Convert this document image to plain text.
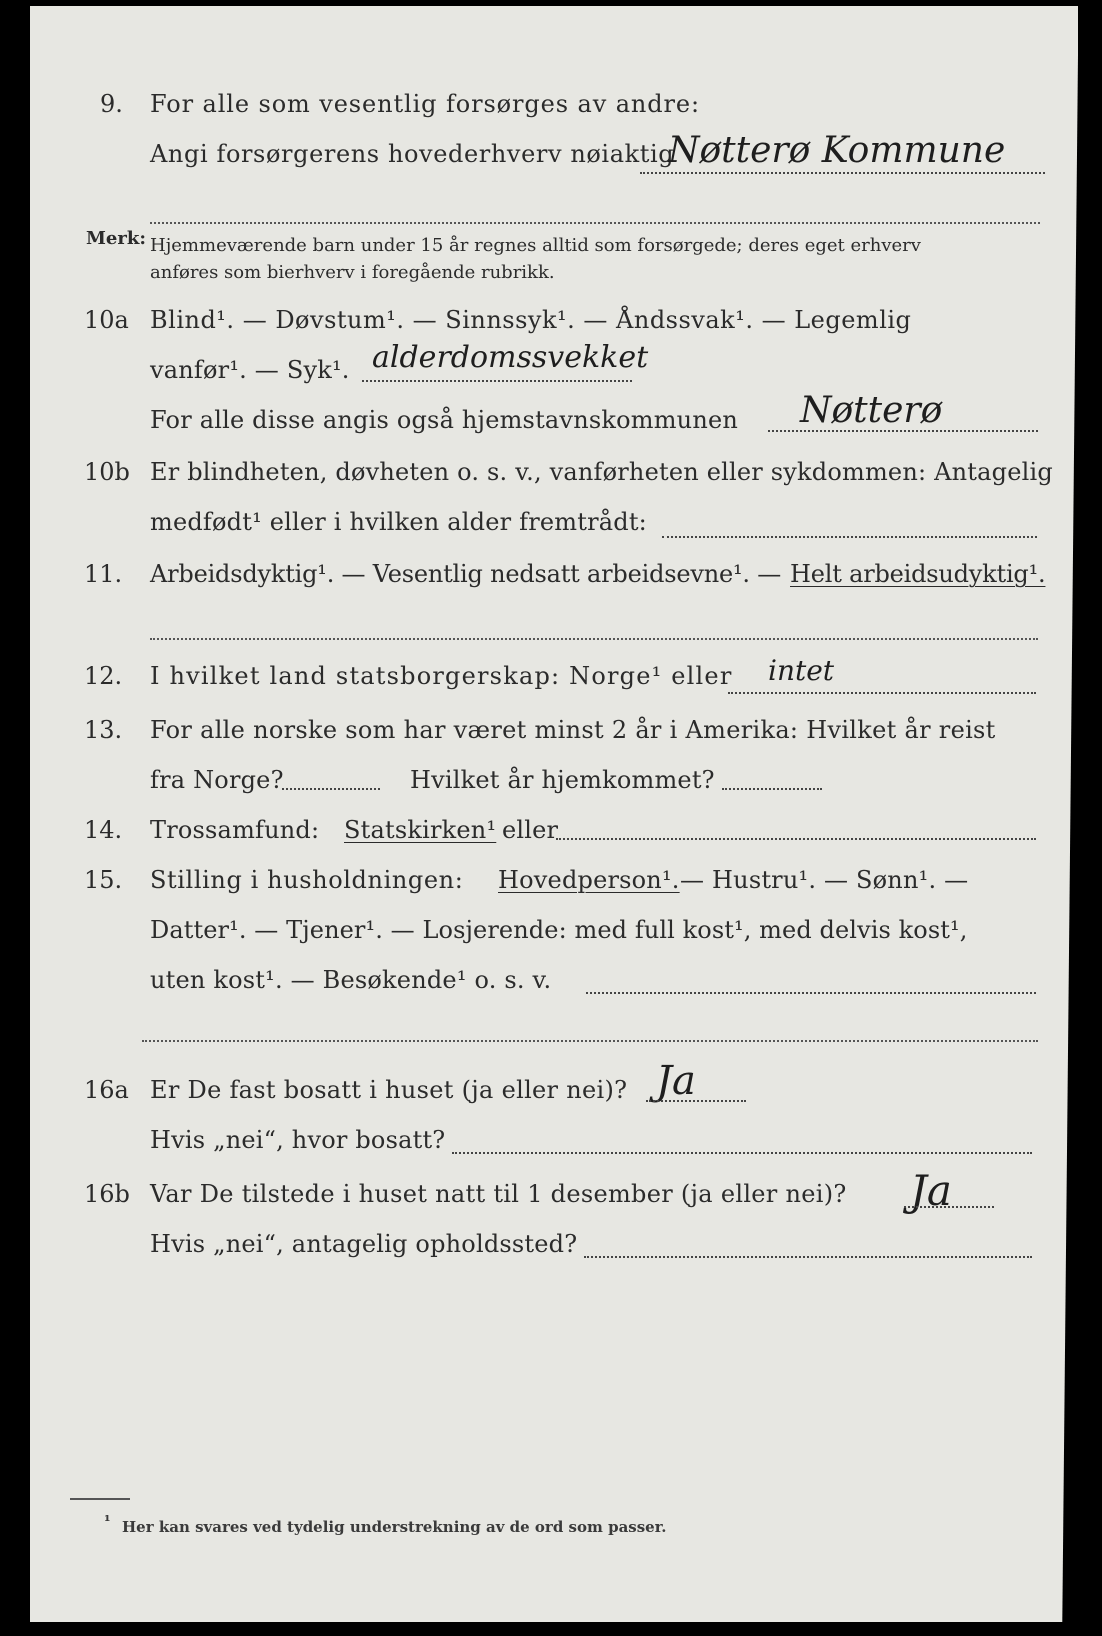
9. For alle som vesentlig forsørges av andre:
Angi forsørgerens hovederhverv nøiaktig
Nøtterø Kommune
Merk: Hjemmeværende barn under 15 år regnes alltid som forsørgede; deres eget erhverv
anføres som bierhverv i foregående rubrikk.
10a Blind¹. — Døvstum¹. — Sinnssyk¹. — Åndssvak¹. — Legemlig
vanfør¹. — Syk¹. alderdomssvekket
For alle disse angis også hjemstavnskommunen Nøtterø
10b Er blindheten, døvheten o. s. v., vanførheten eller sykdommen: Antagelig
medfødt¹ eller i hvilken alder fremtrådt:
11. Arbeidsdyktig¹. — Vesentlig nedsatt arbeidsevne¹. — Helt arbeidsudyktig¹.
12. I hvilket land statsborgerskap: Norge¹ eller intet
13. For alle norske som har været minst 2 år i Amerika: Hvilket år reist
fra Norge?	Hvilket år hjemkommet?
14. Trossamfund: Statskirken¹ eller
15. Stilling i husholdningen: Hovedperson¹. — Hustru¹. — Sønn¹. —
Datter¹. — Tjener¹. — Losjerende: med full kost¹, med delvis kost¹,
uten kost¹. — Besøkende¹ o. s. v.
16a Er De fast bosatt i huset (ja eller nei)? Ja
Hvis „nei“, hvor bosatt?
16b Var De tilstede i huset natt til 1 desember (ja eller nei)? Ja
Hvis „nei“, antagelig opholdssted?
¹ Her kan svares ved tydelig understrekning av de ord som passer.
